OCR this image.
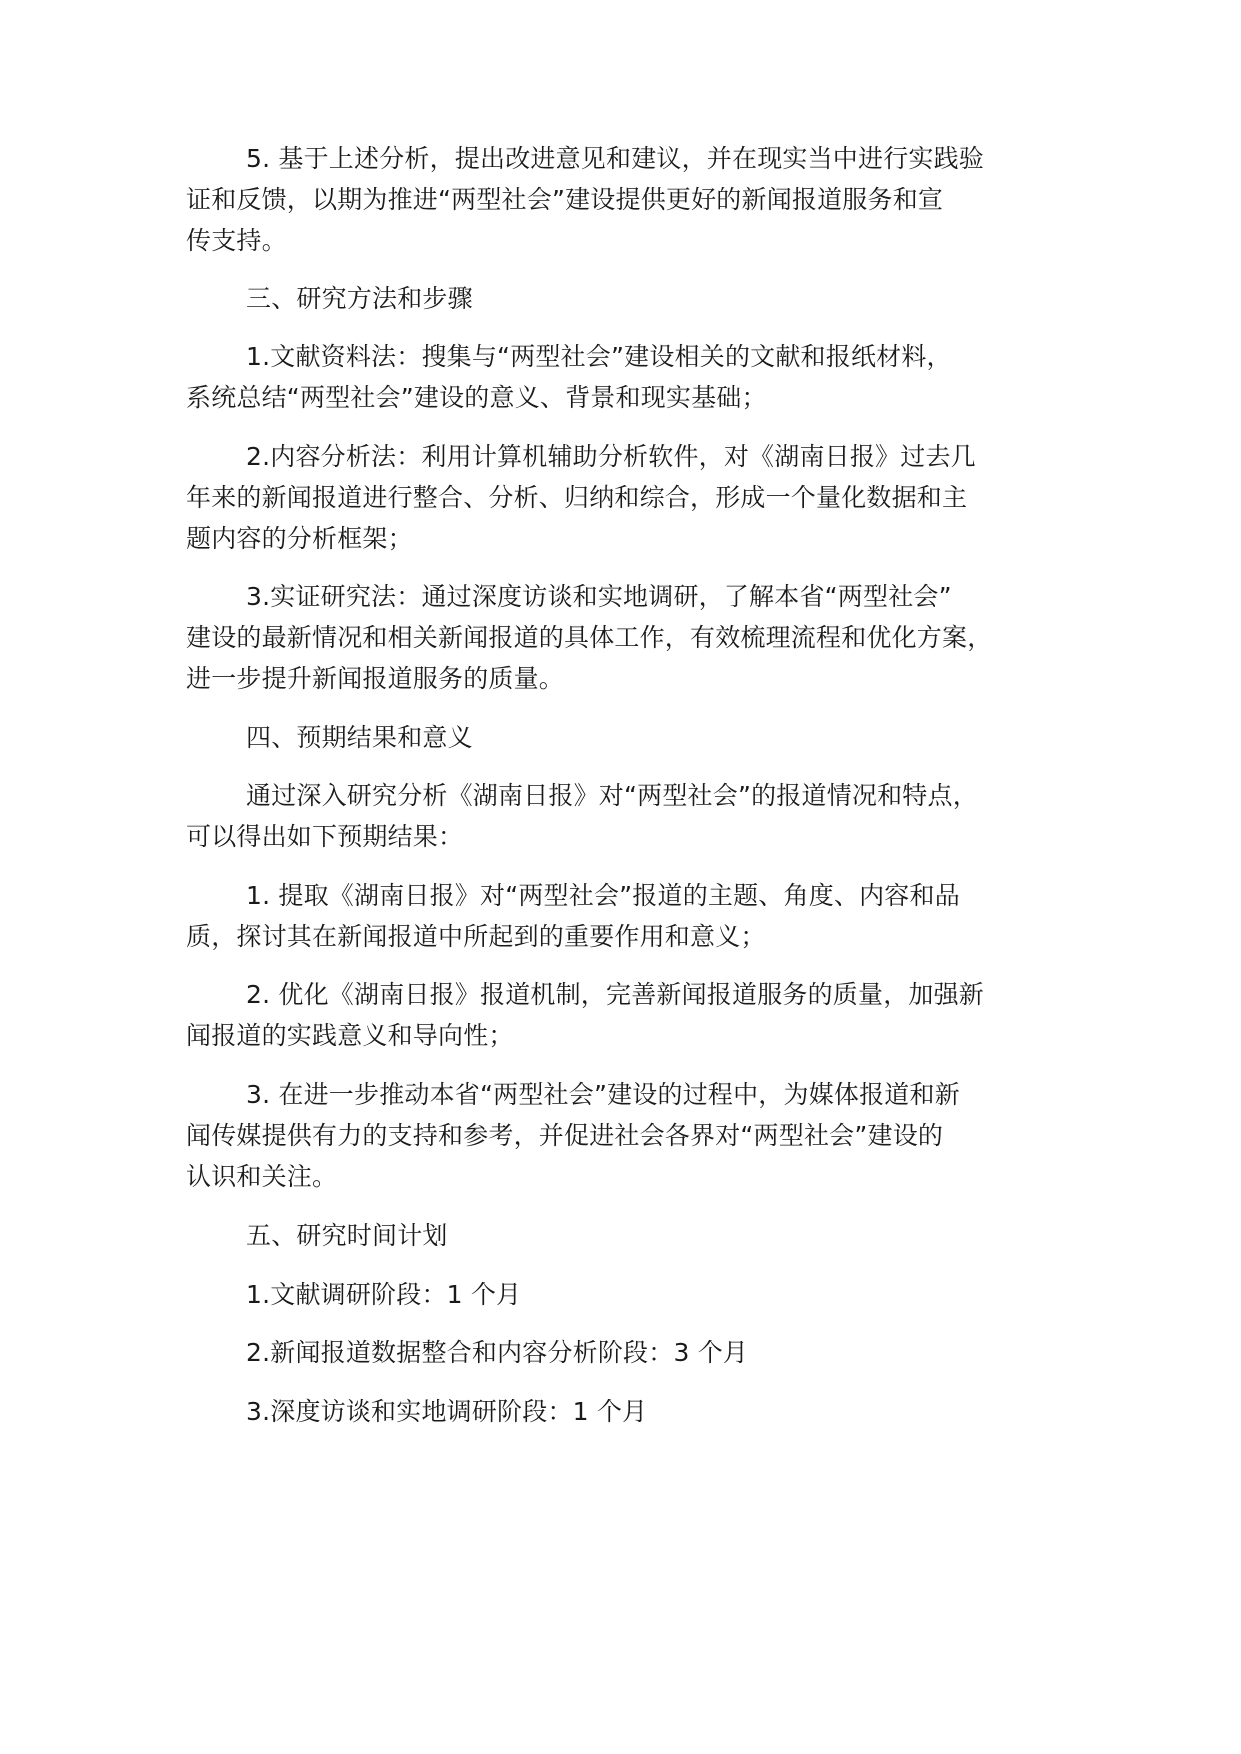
5. 基于上述分析，提出改进意见和建议，并在现实当中进行实践验
证和反馈，以期为推进“两型社会”建设提供更好的新闻报道服务和宣
传支持。
三、研究方法和步骤
1.文献资料法：搜集与“两型社会”建设相关的文献和报纸材料，
系统总结“两型社会”建设的意义、背景和现实基础；
2.内容分析法：利用计算机辅助分析软件，对《湖南日报》过去几
年来的新闻报道进行整合、分析、归纳和综合，形成一个量化数据和主
题内容的分析框架；
3.实证研究法：通过深度访谈和实地调研，了解本省“两型社会”
建设的最新情况和相关新闻报道的具体工作，有效梳理流程和优化方案，
进一步提升新闻报道服务的质量。
四、预期结果和意义
通过深入研究分析《湖南日报》对“两型社会”的报道情况和特点，
可以得出如下预期结果：
1. 提取《湖南日报》对“两型社会”报道的主题、角度、内容和品
质，探讨其在新闻报道中所起到的重要作用和意义；
2. 优化《湖南日报》报道机制，完善新闻报道服务的质量，加强新
闻报道的实践意义和导向性；
3. 在进一步推动本省“两型社会”建设的过程中，为媒体报道和新
闻传媒提供有力的支持和参考，并促进社会各界对“两型社会”建设的
认识和关注。
五、研究时间计划
1.文献调研阶段：1 个月
2.新闻报道数据整合和内容分析阶段：3 个月
3.深度访谈和实地调研阶段：1 个月
